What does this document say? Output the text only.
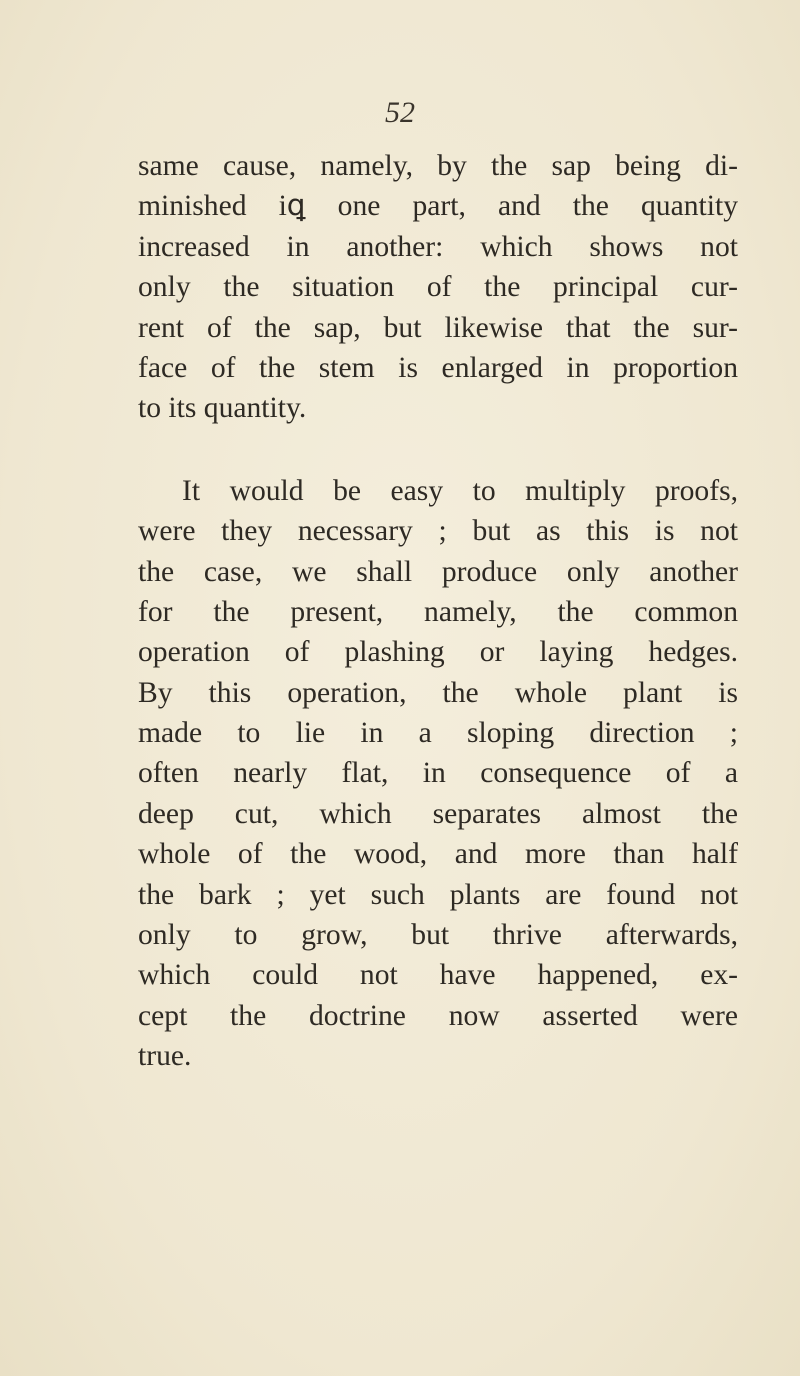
52
same cause, namely, by the sap being di-
minished iꝗ one part, and the quantity
increased in another: which shows not
only the situation of the principal cur-
rent of the sap, but likewise that the sur-
face of the stem is enlarged in proportion
to its quantity.
It would be easy to multiply proofs,
were they necessary ; but as this is not
the case, we shall produce only another
for the present, namely, the common
operation of plashing or laying hedges.
By this operation, the whole plant is
made to lie in a sloping direction ;
often nearly flat, in consequence of a
deep cut, which separates almost the
whole of the wood, and more than half
the bark ; yet such plants are found not
only to grow, but thrive afterwards,
which could not have happened, ex-
cept the doctrine now asserted were
true.
